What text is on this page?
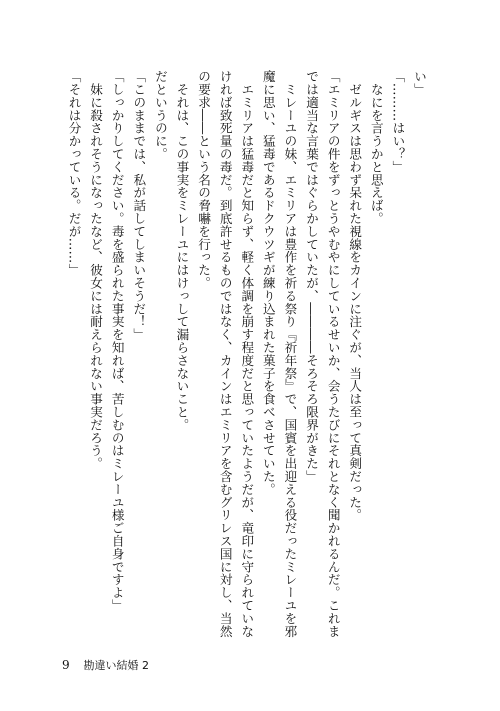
い」
「………はい？」
　なにを言うかと思えば。
　ゼルギスは思わず呆れた視線をカインに注ぐが、当人は至って真剣だった。
「エミリアの件をずっとうやむやにしているせいか、会うたびにそれとなく聞かれるんだ。これま
では適当な言葉ではぐらかしていたが、――――そろそろ限界がきた」
　ミレーユの妹、エミリアは豊作を祈る祭り『祈年祭』で、国賓を出迎える役だったミレーユを邪
魔に思い、猛毒であるドクウツギが練り込まれた菓子を食べさせていた。
　エミリアは猛毒だと知らず、軽く体調を崩す程度だと思っていたようだが、竜印に守られていな
ければ致死量の毒だ。到底許せるものではなく、カインはエミリアを含むグリレス国に対し、当然
の要求――という名の脅嚇を行った。
　それは、この事実をミレーユにはけっして漏らさないこと。
だというのに。
「このままでは、私が話してしまいそうだ！」
「しっかりしてください。毒を盛られた事実を知れば、苦しむのはミレーユ様ご自身ですよ」
　妹に殺されそうになったなど、彼女には耐えられない事実だろう。
「それは分かっている。だが……」
9 勘違い結婚 2
